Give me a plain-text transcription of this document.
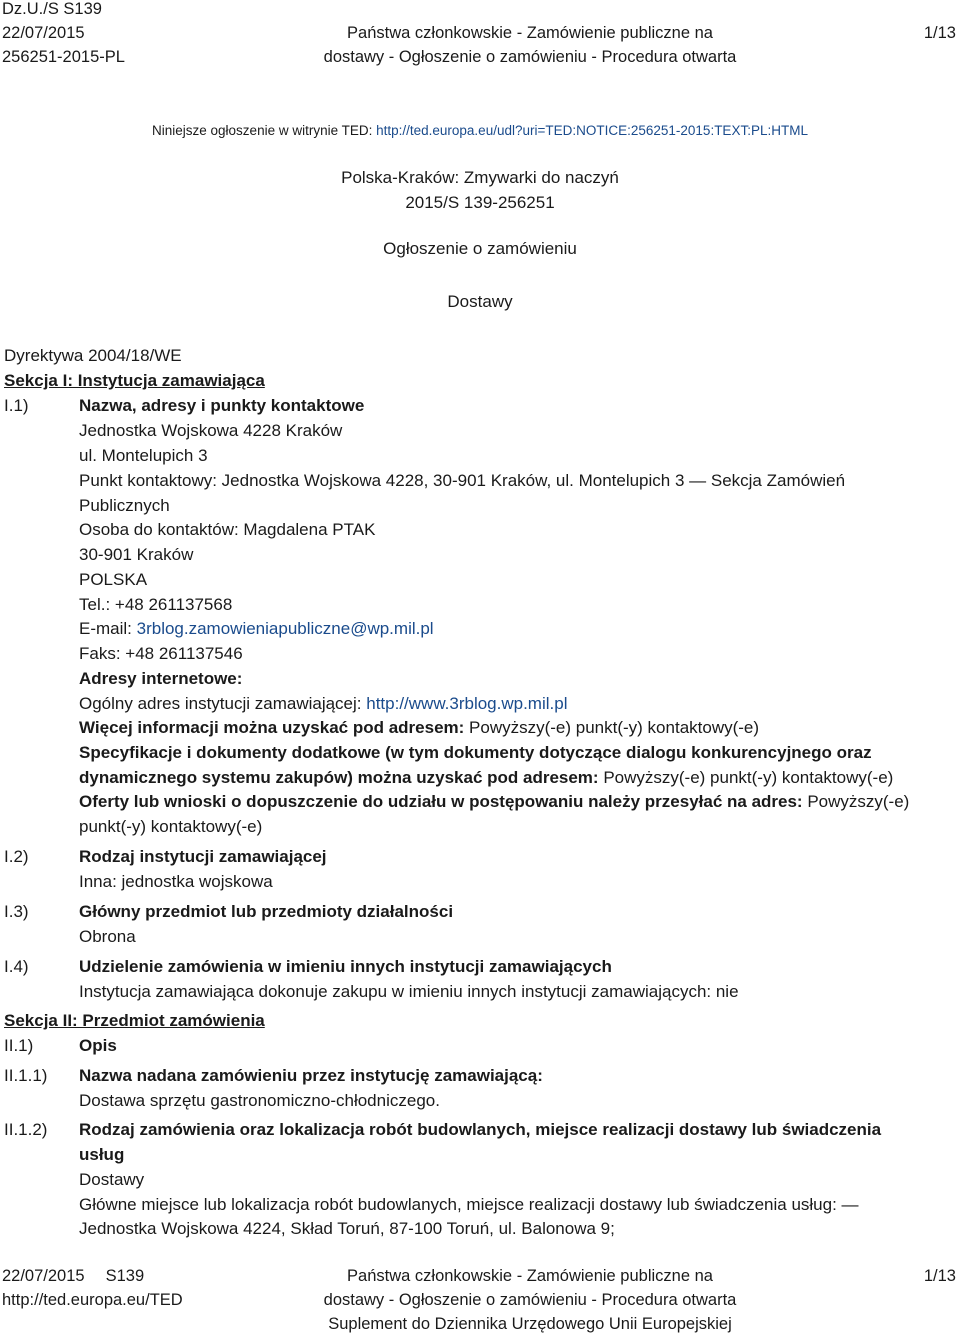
Dz.U./S S139
22/07/2015
256251-2015-PL
Państwa członkowskie - Zamówienie publiczne na
dostawy - Ogłoszenie o zamówieniu - Procedura otwarta
1/13
Niniejsze ogłoszenie w witrynie TED: http://ted.europa.eu/udl?uri=TED:NOTICE:256251-2015:TEXT:PL:HTML
Polska-Kraków: Zmywarki do naczyń
2015/S 139-256251
Ogłoszenie o zamówieniu
Dostawy
Dyrektywa 2004/18/WE
Sekcja I: Instytucja zamawiająca
I.1)	Nazwa, adresy i punkty kontaktowe
Jednostka Wojskowa 4228 Kraków
ul. Montelupich 3
Punkt kontaktowy: Jednostka Wojskowa 4228, 30-901 Kraków, ul. Montelupich 3 — Sekcja Zamówień
Publicznych
Osoba do kontaktów: Magdalena PTAK
30-901 Kraków
POLSKA
Tel.: +48 261137568
E-mail: 3rblog.zamowieniapubliczne@wp.mil.pl
Faks: +48 261137546
Adresy internetowe:
Ogólny adres instytucji zamawiającej: http://www.3rblog.wp.mil.pl
Więcej informacji można uzyskać pod adresem: Powyższy(-e) punkt(-y) kontaktowy(-e)
Specyfikacje i dokumenty dodatkowe (w tym dokumenty dotyczące dialogu konkurencyjnego oraz
dynamicznego systemu zakupów) można uzyskać pod adresem: Powyższy(-e) punkt(-y) kontaktowy(-e)
Oferty lub wnioski o dopuszczenie do udziału w postępowaniu należy przesyłać na adres: Powyższy(-e)
punkt(-y) kontaktowy(-e)
I.2)	Rodzaj instytucji zamawiającej
Inna: jednostka wojskowa
I.3)	Główny przedmiot lub przedmioty działalności
Obrona
I.4)	Udzielenie zamówienia w imieniu innych instytucji zamawiających
Instytucja zamawiająca dokonuje zakupu w imieniu innych instytucji zamawiających: nie
Sekcja II: Przedmiot zamówienia
II.1)	Opis
II.1.1) Nazwa nadana zamówieniu przez instytucję zamawiającą:
Dostawa sprzętu gastronomiczno-chłodniczego.
II.1.2) Rodzaj zamówienia oraz lokalizacja robót budowlanych, miejsce realizacji dostawy lub świadczenia
usług
Dostawy
Główne miejsce lub lokalizacja robót budowlanych, miejsce realizacji dostawy lub świadczenia usług: —
Jednostka Wojskowa 4224, Skład Toruń, 87-100 Toruń, ul. Balonowa 9;
22/07/2015 S139
http://ted.europa.eu/TED
Państwa członkowskie - Zamówienie publiczne na
dostawy - Ogłoszenie o zamówieniu - Procedura otwarta
Suplement do Dziennika Urzędowego Unii Europejskiej
1/13
